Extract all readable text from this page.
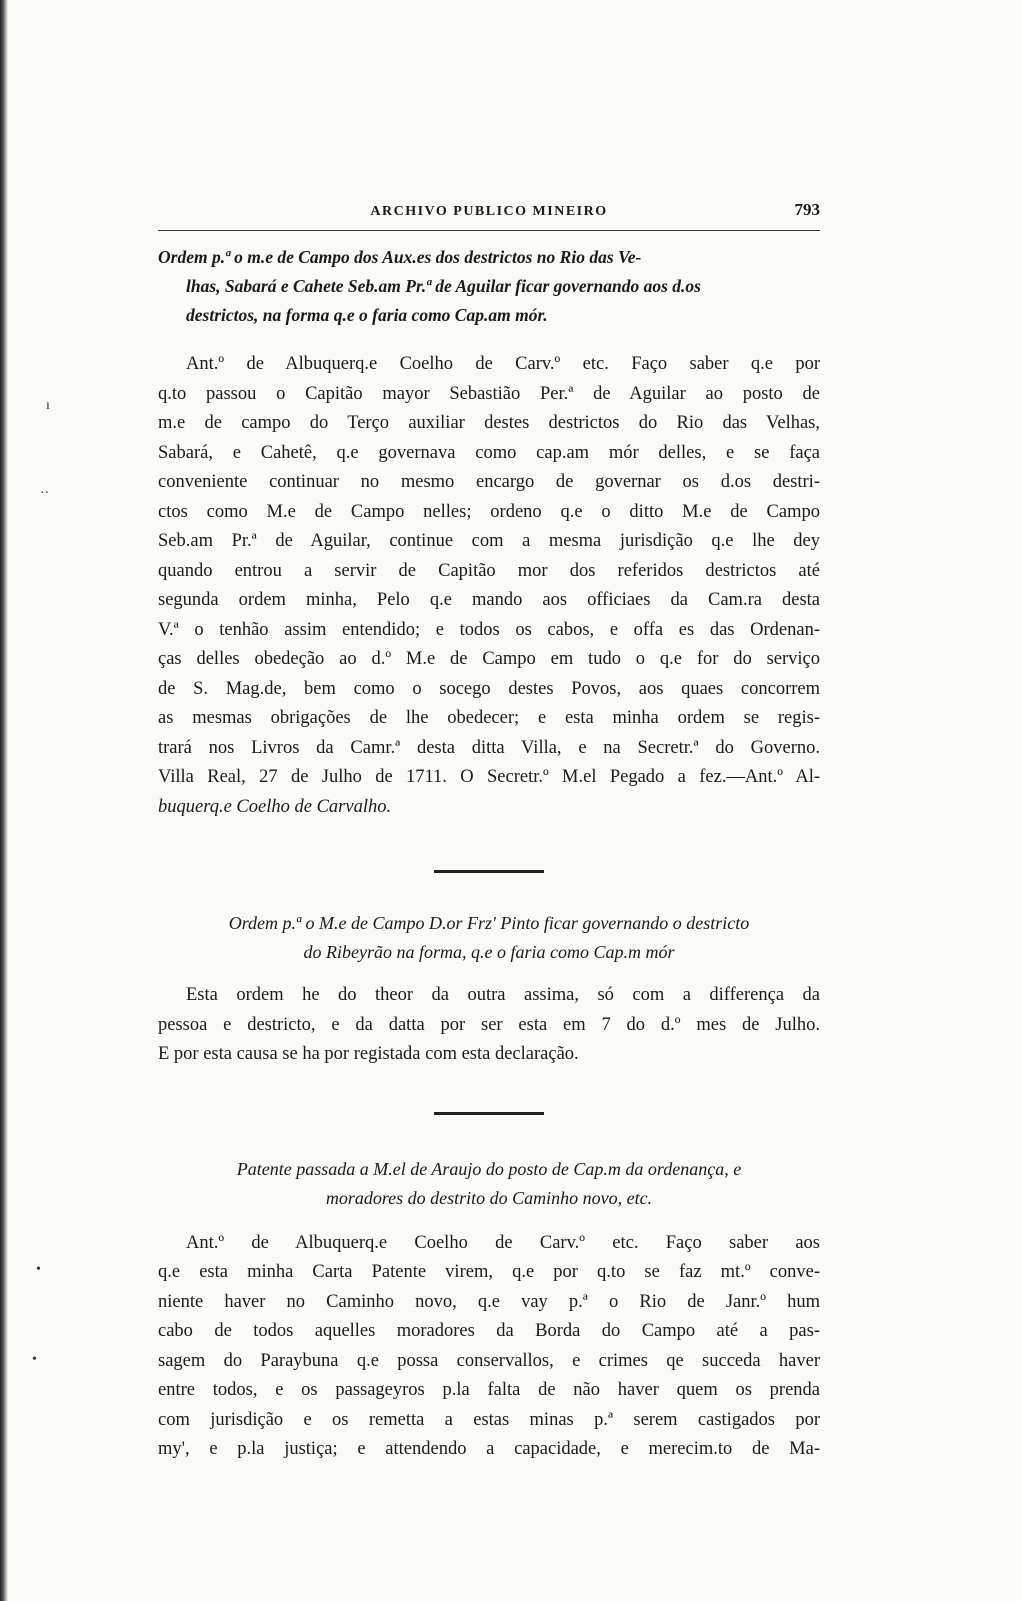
ARCHIVO PUBLICO MINEIRO	793

Ordem p.ª o m.e de Campo dos Aux.es dos destrictos no Rio das Ve-
lhas, Sabará e Cahete Seb.am Pr.ª de Aguilar ficar governando aos d.os
destrictos, na forma q.e o faria como Cap.am mór.

Ant.º de Albuquerq.e Coelho de Carv.º etc. Faço saber q.e por
q.to passou o Capitão mayor Sebastião Per.ª de Aguilar ao posto de
m.e de campo do Terço auxiliar destes destrictos do Rio das Velhas,
Sabará, e Cahetê, q.e governava como cap.am mór delles, e se faça
conveniente continuar no mesmo encargo de governar os d.os destri-
ctos como M.e de Campo nelles; ordeno q.e o ditto M.e de Campo
Seb.am Pr.ª de Aguilar, continue com a mesma jurisdição q.e lhe dey
quando entrou a servir de Capitão mor dos referidos destrictos até
segunda ordem minha, Pelo q.e mando aos officiaes da Cam.ra desta
V.ª o tenhão assim entendido; e todos os cabos, e offa es das Ordenan-
ças delles obedeção ao d.º M.e de Campo em tudo o q.e for do serviço
de S. Mag.de, bem como o socego destes Povos, aos quaes concorrem
as mesmas obrigações de lhe obedecer; e esta minha ordem se regis-
trará nos Livros da Camr.ª desta ditta Villa, e na Secretr.ª do Governo.
Villa Real, 27 de Julho de 1711. O Secretr.º M.el Pegado a fez.—Ant.º Al-
buquerq.e Coelho de Carvalho.

Ordem p.ª o M.e de Campo D.or Frz' Pinto ficar governando o destricto
do Ribeyrão na forma, q.e o faria como Cap.m mór

Esta ordem he do theor da outra assima, só com a differença da
pessoa e destricto, e da datta por ser esta em 7 do d.º mes de Julho.
E por esta causa se ha por registada com esta declaração.

Patente passada a M.el de Araujo do posto de Cap.m da ordenança, e
moradores do destrito do Caminho novo, etc.

Ant.º de Albuquerq.e Coelho de Carv.º etc. Faço saber aos
q.e esta minha Carta Patente virem, q.e por q.to se faz mt.º conve-
niente haver no Caminho novo, q.e vay p.ª o Rio de Janr.º hum
cabo de todos aquelles moradores da Borda do Campo até a pas-
sagem do Paraybuna q.e possa conservallos, e crimes qe succeda haver
entre todos, e os passageyros p.la falta de não haver quem os prenda
com jurisdição e os remetta a estas minas p.ª serem castigados por
my', e p.la justiça; e attendendo a capacidade, e merecim.to de Ma-
ı
··
•
•
